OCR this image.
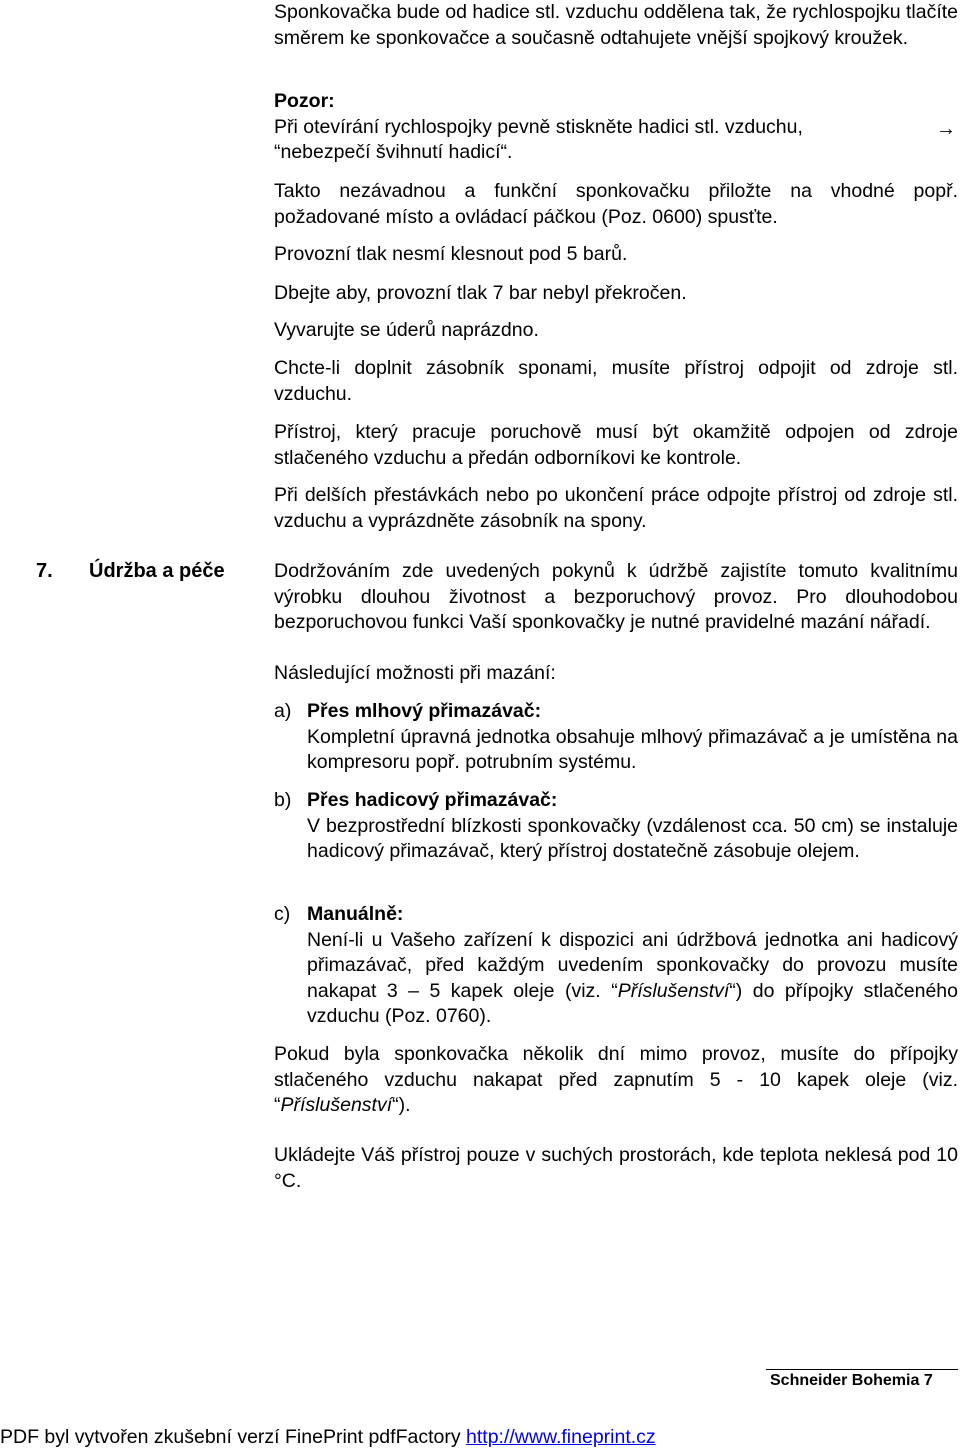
Sponkovačka bude od hadice stl. vzduchu oddělena tak, že rychlospojku tlačíte směrem ke sponkovačce a současně odtahujete vnější spojkový kroužek.
Pozor:
Při otevírání rychlospojky pevně stiskněte hadici stl. vzduchu,	→
“nebezpečí švihnutí hadicí“.
Takto nezávadnou a funkční sponkovačku přiložte na vhodné popř. požadované místo a ovládací páčkou (Poz. 0600) spusťte.
Provozní tlak nesmí klesnout pod 5 barů.
Dbejte aby, provozní tlak 7 bar nebyl překročen.
Vyvarujte se úderů naprázdno.
Chcte-li doplnit zásobník sponami, musíte přístroj odpojit od zdroje stl. vzduchu.
Přístroj, který pracuje poruchově musí být okamžitě odpojen od zdroje stlačeného vzduchu a předán odborníkovi ke kontrole.
Při delších přestávkách nebo po ukončení práce odpojte přístroj od zdroje stl. vzduchu a vyprázdněte zásobník na spony.
7. Údržba a péče	Dodržováním zde uvedených pokynů k údržbě zajistíte tomuto kvalitnímu výrobku dlouhou životnost a bezporuchový provoz. Pro dlouhodobou bezporuchovou funkci Vaší sponkovačky je nutné pravidelné mazání nářadí.
Následující možnosti při mazání:
a) Přes mlhový přimazávač:
Kompletní úpravná jednotka obsahuje mlhový přimazávač a je umístěna na kompresoru popř. potrubním systému.
b) Přes hadicový přimazávač:
V bezprostřední blízkosti sponkovačky (vzdálenost cca. 50 cm) se instaluje hadicový přimazávač, který přístroj dostatečně zásobuje olejem.
c) Manuálně:
Není-li u Vašeho zařízení k dispozici ani údržbová jednotka ani hadicový přimazávač, před každým uvedením sponkovačky do provozu musíte nakapat 3 – 5 kapek oleje (viz. “Příslušenství“) do přípojky stlačeného vzduchu (Poz. 0760).
Pokud byla sponkovačka několik dní mimo provoz, musíte do přípojky stlačeného vzduchu nakapat před zapnutím 5 - 10 kapek oleje (viz. “Příslušenství“).
Ukládejte Váš přístroj pouze v suchých prostorách, kde teplota neklesá pod 10 °C.
Schneider Bohemia 7
PDF byl vytvořen zkušební verzí FinePrint pdfFactory http://www.fineprint.cz
